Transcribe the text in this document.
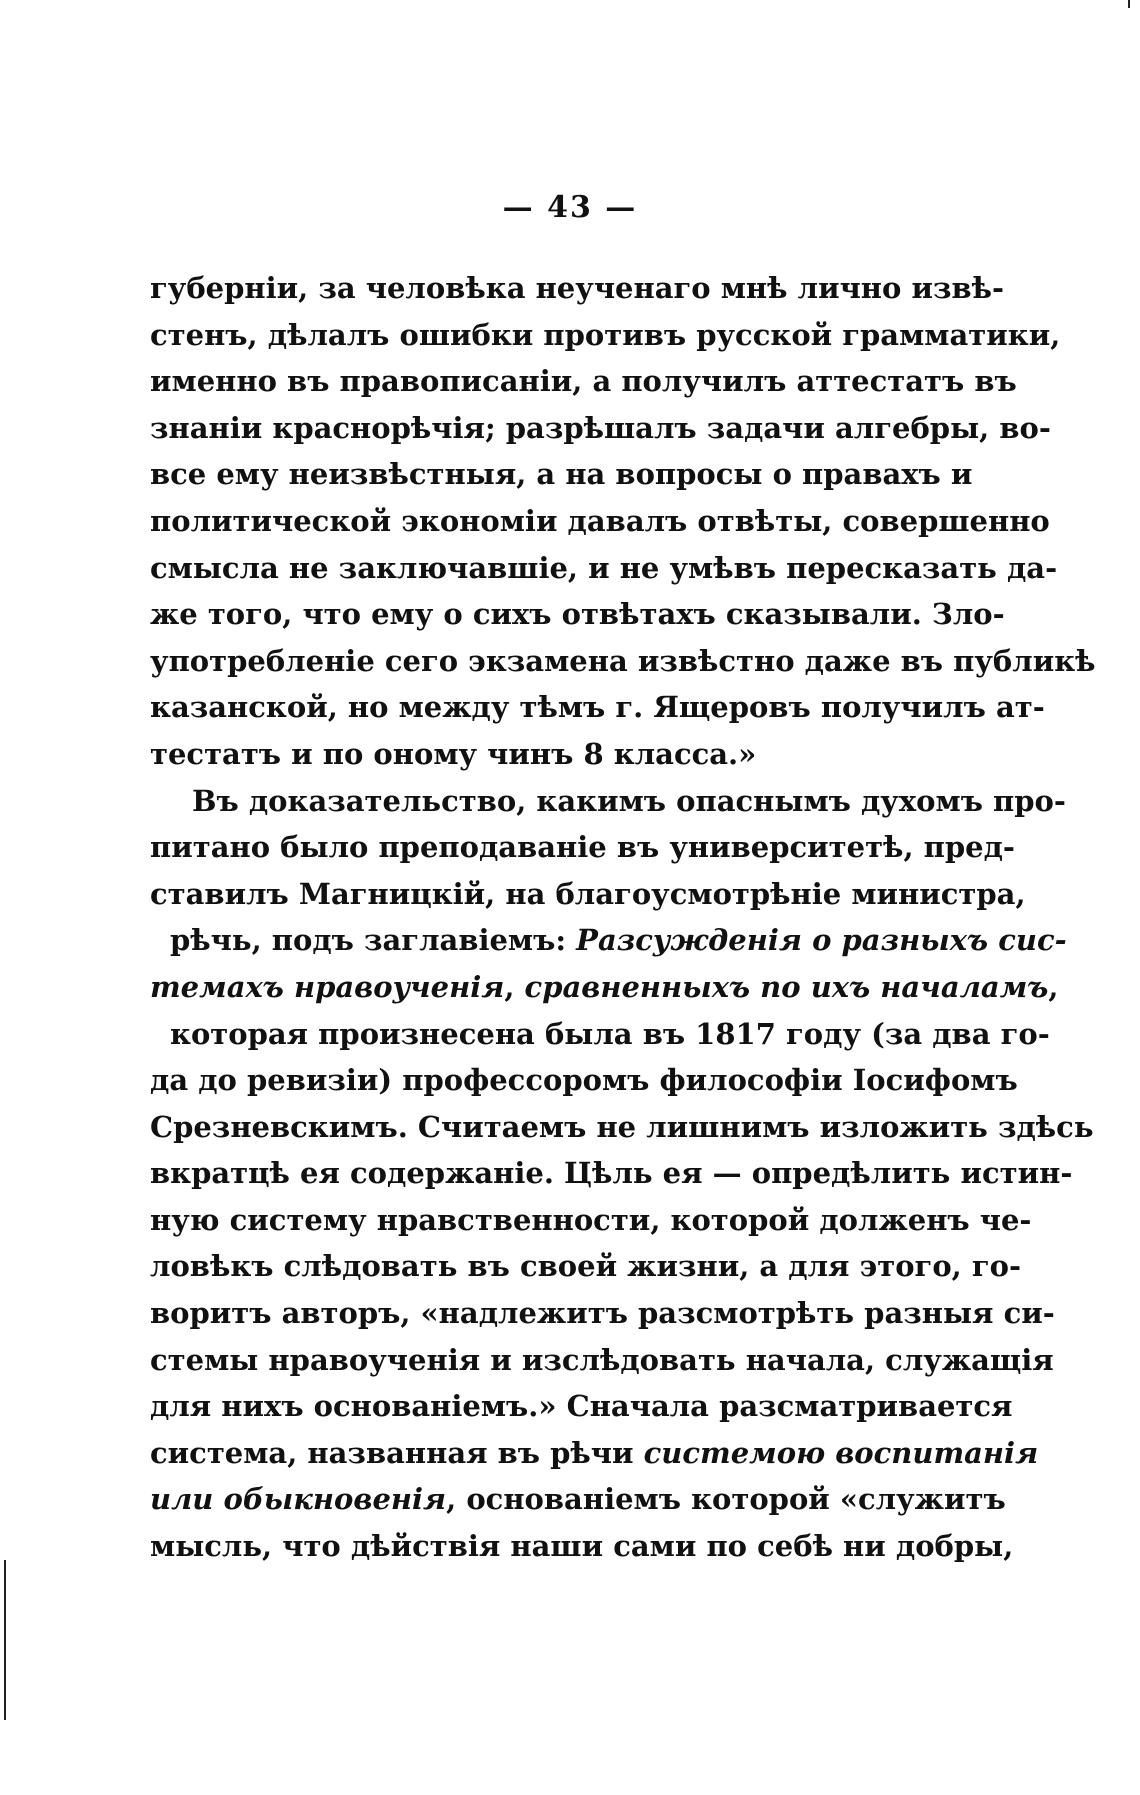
— 43 —
губерніи, за человѣка неученаго мнѣ лично извѣ-
стенъ, дѣлалъ ошибки противъ русской грамматики,
именно въ правописаніи, а получилъ аттестатъ въ
знаніи краснорѣчія; разрѣшалъ задачи алгебры, во-
все ему неизвѣстныя, а на вопросы о правахъ и
политической экономіи давалъ отвѣты, совершенно
смысла не заключавшіе, и не умѣвъ пересказать да-
же того, что ему о сихъ отвѣтахъ сказывали. Зло-
употребленіе сего экзамена извѣстно даже въ публикѣ
казанской, но между тѣмъ г. Ящеровъ получилъ ат-
тестатъ и по оному чинъ 8 класса.»
Въ доказательство, какимъ опаснымъ духомъ про-
питано было преподаваніе въ университетѣ, пред-
ставилъ Магницкій, на благоусмотрѣніе министра,
рѣчь, подъ заглавіемъ: Разсужденія о разныхъ сис-
темахъ нравоученія, сравненныхъ по ихъ началамъ,
которая произнесена была въ 1817 году (за два го-
да до ревизіи) профессоромъ философіи Іосифомъ
Срезневскимъ. Считаемъ не лишнимъ изложить здѣсь
вкратцѣ ея содержаніе. Цѣль ея — опредѣлить истин-
ную систему нравственности, которой долженъ че-
ловѣкъ слѣдовать въ своей жизни, а для этого, го-
воритъ авторъ, «надлежитъ разсмотрѣть разныя си-
стемы нравоученія и изслѣдовать начала, служащія
для нихъ основаніемъ.» Сначала разсматривается
система, названная въ рѣчи системою воспитанія
или обыкновенія, основаніемъ которой «служитъ
мысль, что дѣйствія наши сами по себѣ ни добры,
